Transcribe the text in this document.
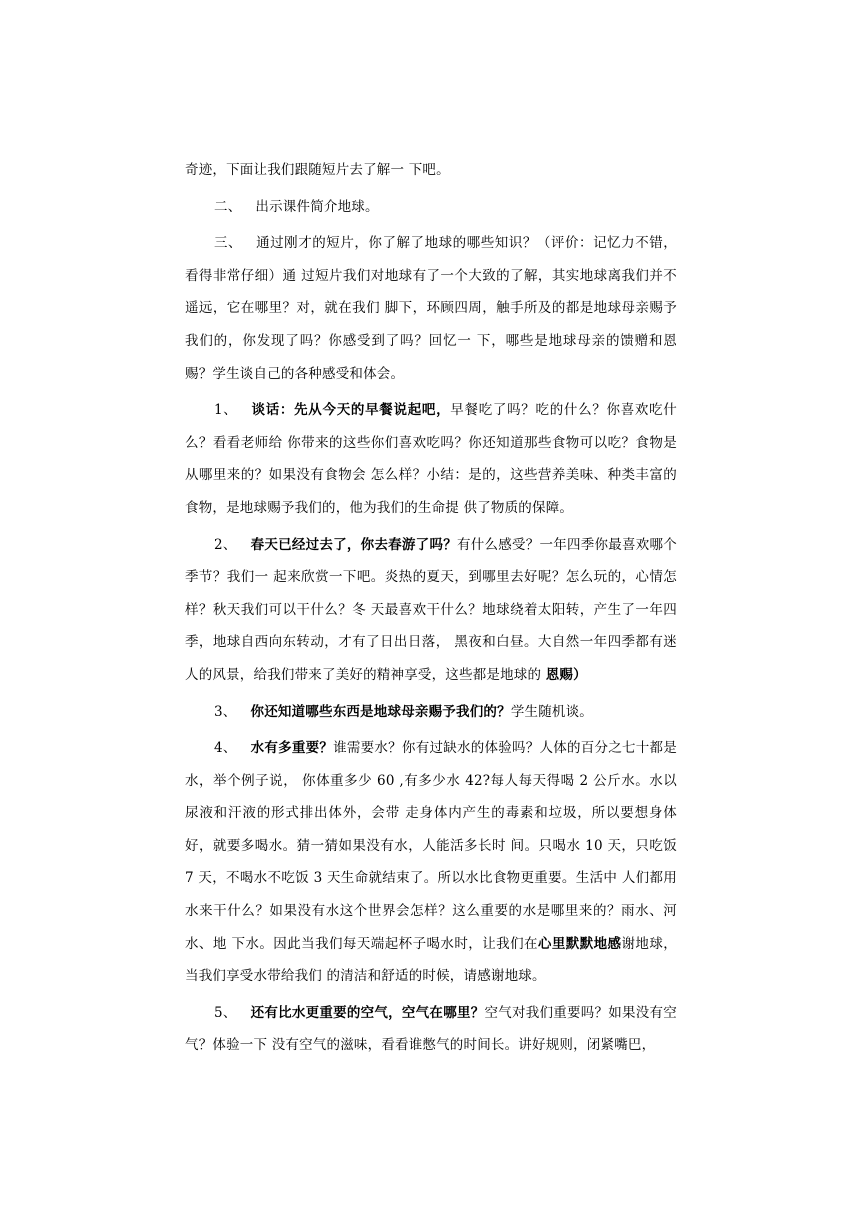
奇迹，下面让我们跟随短片去了解一 下吧。

二、 出示课件简介地球。

三、 通过刚才的短片，你了解了地球的哪些知识？（评价：记忆力不错，看得非常仔细）通 过短片我们对地球有了一个大致的了解，其实地球离我们并不遥远，它在哪里？对，就在我们 脚下，环顾四周，触手所及的都是地球母亲赐予我们的，你发现了吗？你感受到了吗？回忆一 下，哪些是地球母亲的馈赠和恩赐？学生谈自己的各种感受和体会。

1、 谈话：先从今天的早餐说起吧，早餐吃了吗？吃的什么？你喜欢吃什么？看看老师给 你带来的这些你们喜欢吃吗？你还知道那些食物可以吃？食物是从哪里来的？如果没有食物会 怎么样？小结：是的，这些营养美味、种类丰富的食物，是地球赐予我们的，他为我们的生命提 供了物质的保障。

2、 春天已经过去了，你去春游了吗？有什么感受？一年四季你最喜欢哪个季节？我们一 起来欣赏一下吧。炎热的夏天，到哪里去好呢？怎么玩的，心情怎样？秋天我们可以干什么？冬 天最喜欢干什么？地球绕着太阳转，产生了一年四季，地球自西向东转动，才有了日出日落， 黑夜和白昼。大自然一年四季都有迷人的风景，给我们带来了美好的精神享受，这些都是地球的 恩赐）

3、 你还知道哪些东西是地球母亲赐予我们的？学生随机谈。

4、 水有多重要？谁需要水？你有过缺水的体验吗？人体的百分之七十都是水，举个例子说， 你体重多少 60 ,有多少水 42?每人每天得喝 2 公斤水。水以尿液和汗液的形式排出体外，会带 走身体内产生的毒素和垃圾，所以要想身体好，就要多喝水。猜一猜如果没有水，人能活多长时 间。只喝水 10 天，只吃饭 7 天，不喝水不吃饭 3 天生命就结束了。所以水比食物更重要。生活中 人们都用水来干什么？如果没有水这个世界会怎样？这么重要的水是哪里来的？雨水、河水、地 下水。因此当我们每天端起杯子喝水时，让我们在心里默默地感谢地球，当我们享受水带给我们 的清洁和舒适的时候，请感谢地球。

5、 还有比水更重要的空气，空气在哪里？空气对我们重要吗？如果没有空气？体验一下 没有空气的滋味，看看谁憋气的时间长。讲好规则，闭紧嘴巴，
